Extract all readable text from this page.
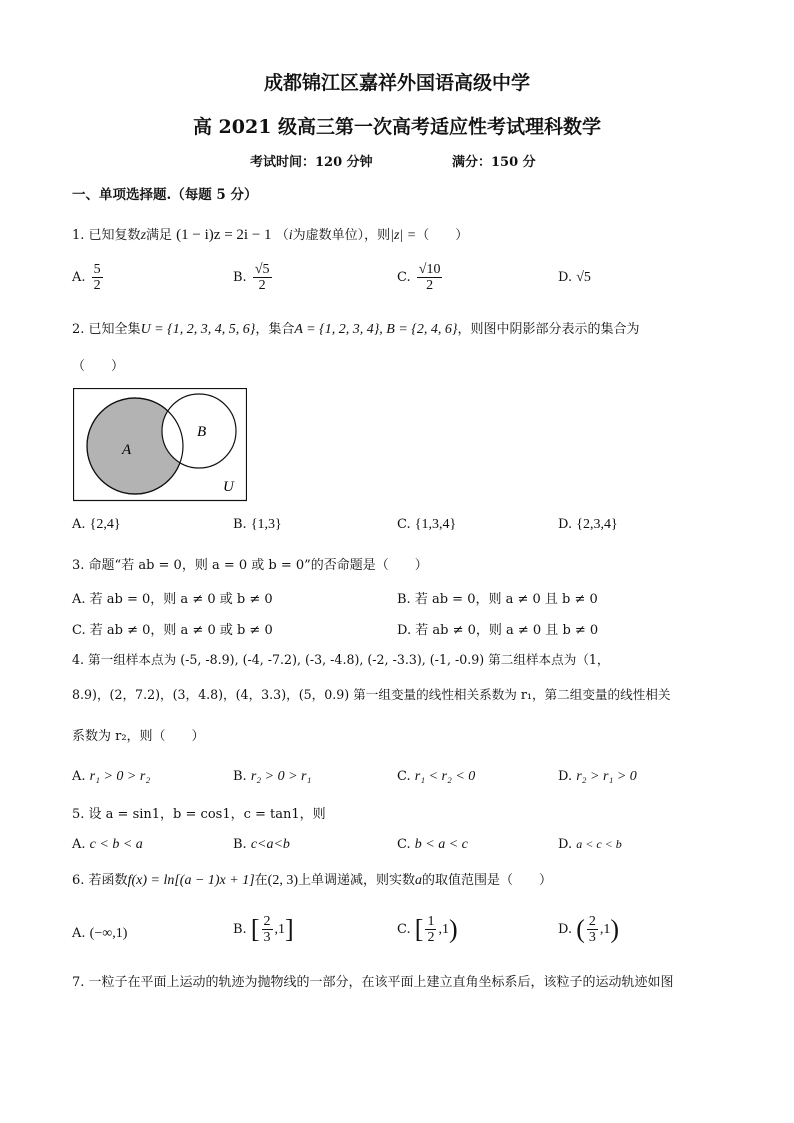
成都锦江区嘉祥外国语高级中学
高 2021 级高三第一次高考适应性考试理科数学
考试时间：120 分钟	满分：150 分
一、单项选择题.（每题 5 分）
1. 已知复数z满足 (1 − i)z = 2i − 1 （i为虚数单位），则|z| =（　　）
A. $\frac{5}{2}$	B. $\frac{√5}{2}$	C. $\frac{√10}{2}$	D. √5
2. 已知全集U = {1, 2, 3, 4, 5, 6}，集合A = {1, 2, 3, 4}, B = {2, 4, 6}，则图中阴影部分表示的集合为
（　　）
A
B
U
A. {2,4}	B. {1,3}	C. {1,3,4}	D. {2,3,4}
3. 命题“若 ab = 0，则 a = 0 或 b = 0”的否命题是（　　）
A. 若 ab = 0，则 a ≠ 0 或 b ≠ 0	B. 若 ab = 0，则 a ≠ 0 且 b ≠ 0
C. 若 ab ≠ 0，则 a ≠ 0 或 b ≠ 0	D. 若 ab ≠ 0，则 a ≠ 0 且 b ≠ 0
4. 第一组样本点为 (-5, -8.9), (-4, -7.2), (-3, -4.8), (-2, -3.3), (-1, -0.9) 第二组样本点为（1，
8.9)，(2，7.2)，(3，4.8)，(4，3.3)，(5，0.9) 第一组变量的线性相关系数为 r₁，第二组变量的线性相关
系数为 r₂，则（　　）
A. r₁ > 0 > r₂	B. r₂ > 0 > r₁	C. r₁ < r₂ < 0	D. r₂ > r₁ > 0
5. 设 a = sin1，b = cos1，c = tan1，则
A. c < b < a	B. c<a<b	C. b < a < c	D. a < c < b
6. 若函数f(x) = ln[(a − 1)x + 1]在(2, 3)上单调递减，则实数a的取值范围是（　　）
A. (−∞,1)	B. [ $\frac{2}{3} ,1$]	C. [ $\frac{1}{2} ,1$)	D. ( $\frac{2}{3} ,1$)
7. 一粒子在平面上运动的轨迹为抛物线的一部分，在该平面上建立直角坐标系后，该粒子的运动轨迹如图
